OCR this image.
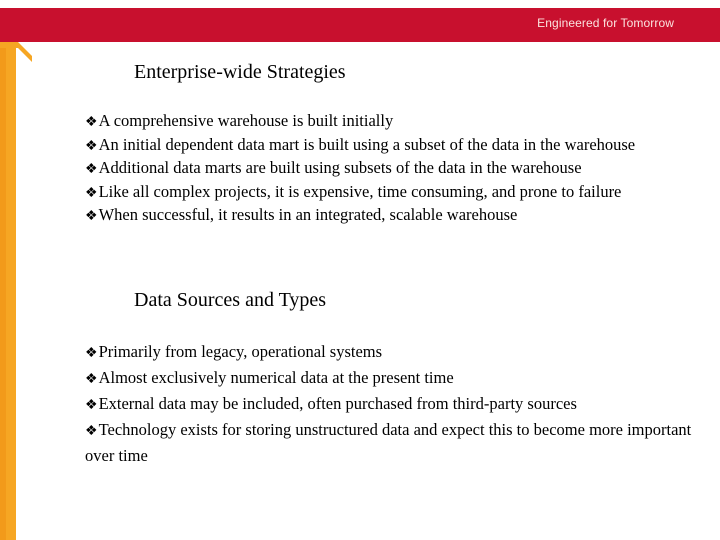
Engineered for Tomorrow
Enterprise-wide Strategies
❖A comprehensive warehouse is built initially
❖An initial dependent data mart is built using a subset of the data in the warehouse
❖Additional data marts are built using subsets of the data in the warehouse
❖Like all complex projects, it is expensive, time consuming, and prone to failure
❖When successful, it results in an integrated, scalable warehouse
Data Sources and Types
❖Primarily from legacy, operational systems
❖Almost exclusively numerical data at the present time
❖External data may be included, often purchased from third-party sources
❖Technology exists for storing unstructured data and expect this to become more important over time
